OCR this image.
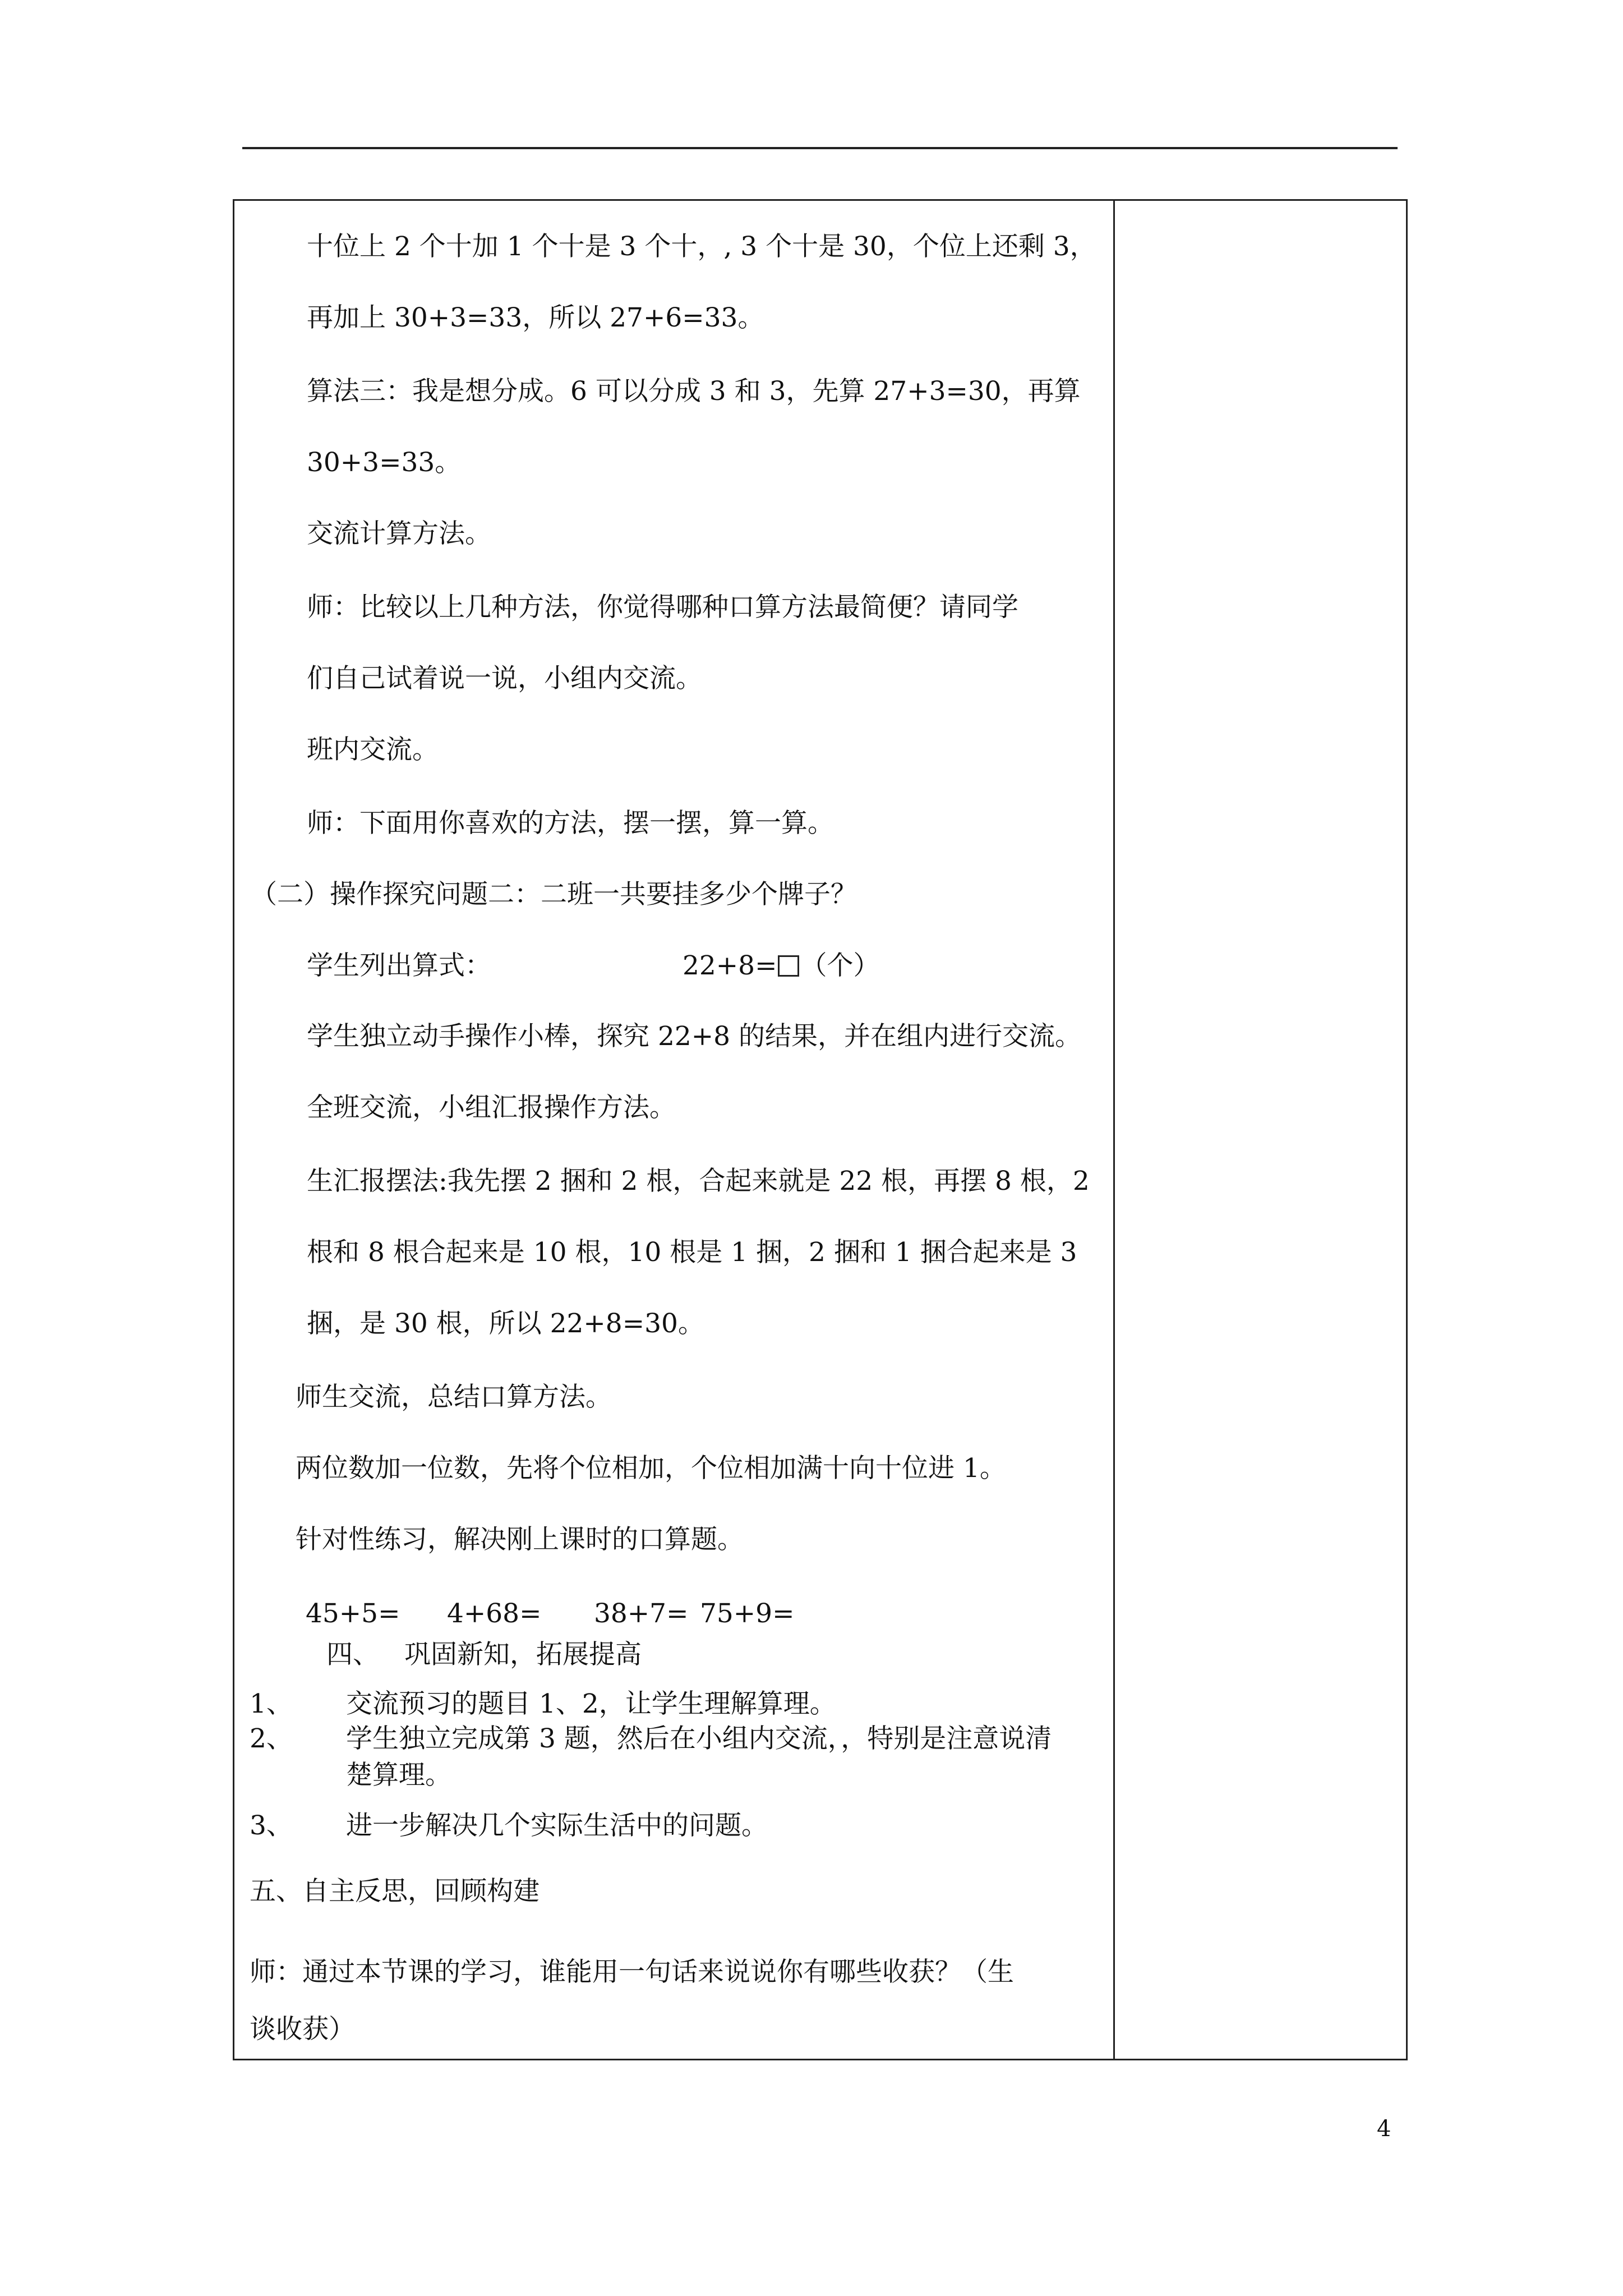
十位上 2 个十加 1 个十是 3 个十，, 3 个十是 30，个位上还剩 3，
再加上 30+3=33，所以 27+6=33。
算法三：我是想分成。6 可以分成 3 和 3，先算 27+3=30，再算
30+3=33。
交流计算方法。
师：比较以上几种方法，你觉得哪种口算方法最简便？请同学
们自己试着说一说，小组内交流。
班内交流。
师：下面用你喜欢的方法，摆一摆，算一算。
（二）操作探究问题二：二班一共要挂多少个牌子？
学生列出算式：	22+8= （个）
学生独立动手操作小棒，探究 22+8 的结果，并在组内进行交流。
全班交流，小组汇报操作方法。
生汇报摆法:我先摆 2 捆和 2 根，合起来就是 22 根，再摆 8 根，2
根和 8 根合起来是 10 根，10 根是 1 捆，2 捆和 1 捆合起来是 3
捆，是 30 根，所以 22+8=30。
师生交流，总结口算方法。
两位数加一位数，先将个位相加，个位相加满十向十位进 1。
针对性练习，解决刚上课时的口算题。
45+5= 4+68= 38+7= 75+9=
四、 巩固新知，拓展提高
1、 交流预习的题目 1、2，让学生理解算理。
2、 学生独立完成第 3 题，然后在小组内交流，，特别是注意说清
楚算理。
3、 进一步解决几个实际生活中的问题。
五、自主反思，回顾构建
师：通过本节课的学习，谁能用一句话来说说你有哪些收获？（生
谈收获）
4
